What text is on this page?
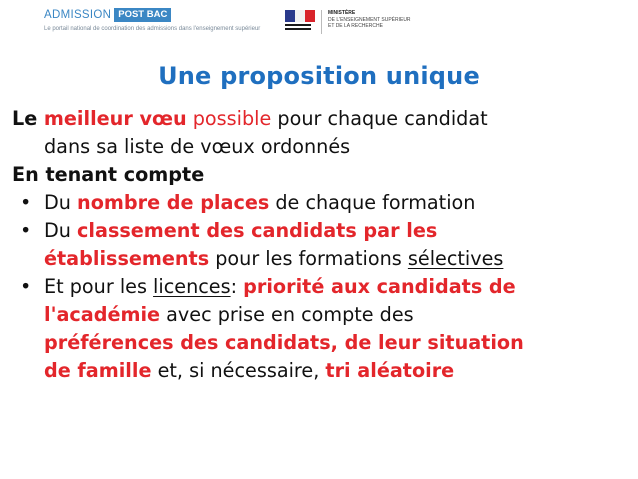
ADMISSION POST BAC
Le portail national de coordination des admissions dans l'enseignement supérieur
MINISTÈRE
DE L'ENSEIGNEMENT SUPÉRIEUR
ET DE LA RECHERCHE
Une proposition unique
Le meilleur vœu possible pour chaque candidat
dans sa liste de vœux ordonnés
En tenant compte
• Du nombre de places de chaque formation
• Du classement des candidats par les
établissements pour les formations sélectives
• Et pour les licences: priorité aux candidats de
l'académie avec prise en compte des
préférences des candidats, de leur situation
de famille et, si nécessaire, tri aléatoire
